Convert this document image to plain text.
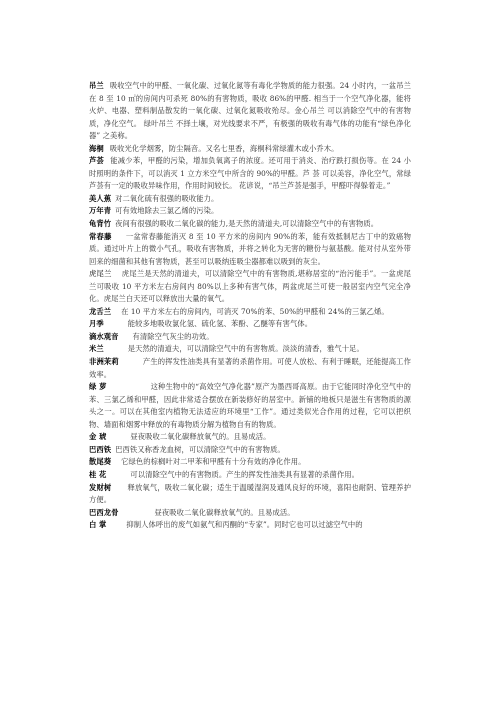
吊兰 吸收空气中的甲醛、一氧化碳、过氧化氮等有毒化学物质的能力很强。24 小时内，一盆吊兰在 8 至 10 ㎡的房间内可杀死 80%的有害物质，吸收 86%的甲醛. 相当于一个空气净化器，能将火炉、电器、塑料制品散发的一氧化碳、过氧化氮吸收殆尽。金心吊兰 可以消除空气中的有害物质，净化空气。 绿叶吊兰 不择土壤，对光线要求不严，有极强的吸收有毒气体的功能有“绿色净化器” 之美称。

海桐 吸收光化学烟雾，防尘隔音。又名七里香，海桐科常绿灌木或小乔木。

芦荟 能减少苯，甲醛的污染，增加负氧离子的浓度。还可用于消炎、治疗跌打损伤等。在 24 小时照明的条件下，可以消灭 1 立方米空气中所含的 90%的甲醛。芦 荟 可以美容，净化空气，常绿芦荟有一定的吸收异味作用，作用时间较长。 花谚说，“吊兰芦荟是强手，甲醛吓得躲着走。”

美人蕉 对二氧化硫有很强的吸收能力。

万年青 可有效地除去三氯乙烯的污染。

龟背竹 夜间有很强的吸收二氧化碳的能力,是天然的清道夫,可以清除空气中的有害物质。

常春藤 一盆常春藤能消灭 8 至 10 平方米的房间内 90%的苯，能有效抵制尼古丁中的致癌物质。通过叶片上的微小气孔，吸收有害物质，并将之转化为无害的糖份与氨基酸。能对付从室外带回来的细菌和其他有害物质，甚至可以吸纳连吸尘器都难以吸到的灰尘。

虎尾兰 虎尾兰是天然的清道夫，可以清除空气中的有害物质,堪称居室的“治污能手”。一盆虎尾兰可吸收 10 平方米左右房间内 80%以上多种有害气体，两盆虎尾兰可使一般居室内空气完全净化。虎尾兰白天还可以释放出大量的氧气。

龙舌兰 在 10 平方米左右的房间内，可消灭 70%的苯、50%的甲醛和 24%的三氯乙烯。

月季	能较多地吸收氯化氢、硫化氢、苯酚、乙醚等有害气体。

滴水观音 有清除空气灰尘的功效。

米兰	是天然的清道夫，可以清除空气中的有害物质。淡淡的清香，雅气十足。

非洲茉莉	产生的挥发性油类具有显著的杀菌作用。可使人放松、有利于睡眠，还能提高工作效率。

绿 萝	这种生物中的“高效空气净化器”原产为墨西哥高原。由于它能同时净化空气中的苯、三氯乙烯和甲醛，因此非常适合摆放在新装修好的居室中。新铺的地板只是滋生有害物质的源头之一。可以在其他室内植物无法适应的环境里“工作”。通过类似光合作用的过程，它可以把织物、墙面和烟雾中释放的有毒物质分解为植物自有的物质。

金 琥	昼夜吸收二氧化碳释放氧气的。且易成活。

巴西铁 巴西铁又称香龙血树，可以清除空气中的有害物质。

散尾葵 它绿色的棕榈叶对二甲苯和甲醛有十分有效的净化作用。

桂 花	可以清除空气中的有害物质。产生的挥发性油类具有显著的杀菌作用。

发财树 释放氧气，吸收二氧化碳；适生于温暖湿润及通风良好的环境，喜阳也耐阴、管理养护方便。

巴西龙骨	昼夜吸收二氧化碳释放氧气的。且易成活。

白 掌	抑制人体呼出的废气如氨气和丙酮的“专家”。同时它也可以过滤空气中的
